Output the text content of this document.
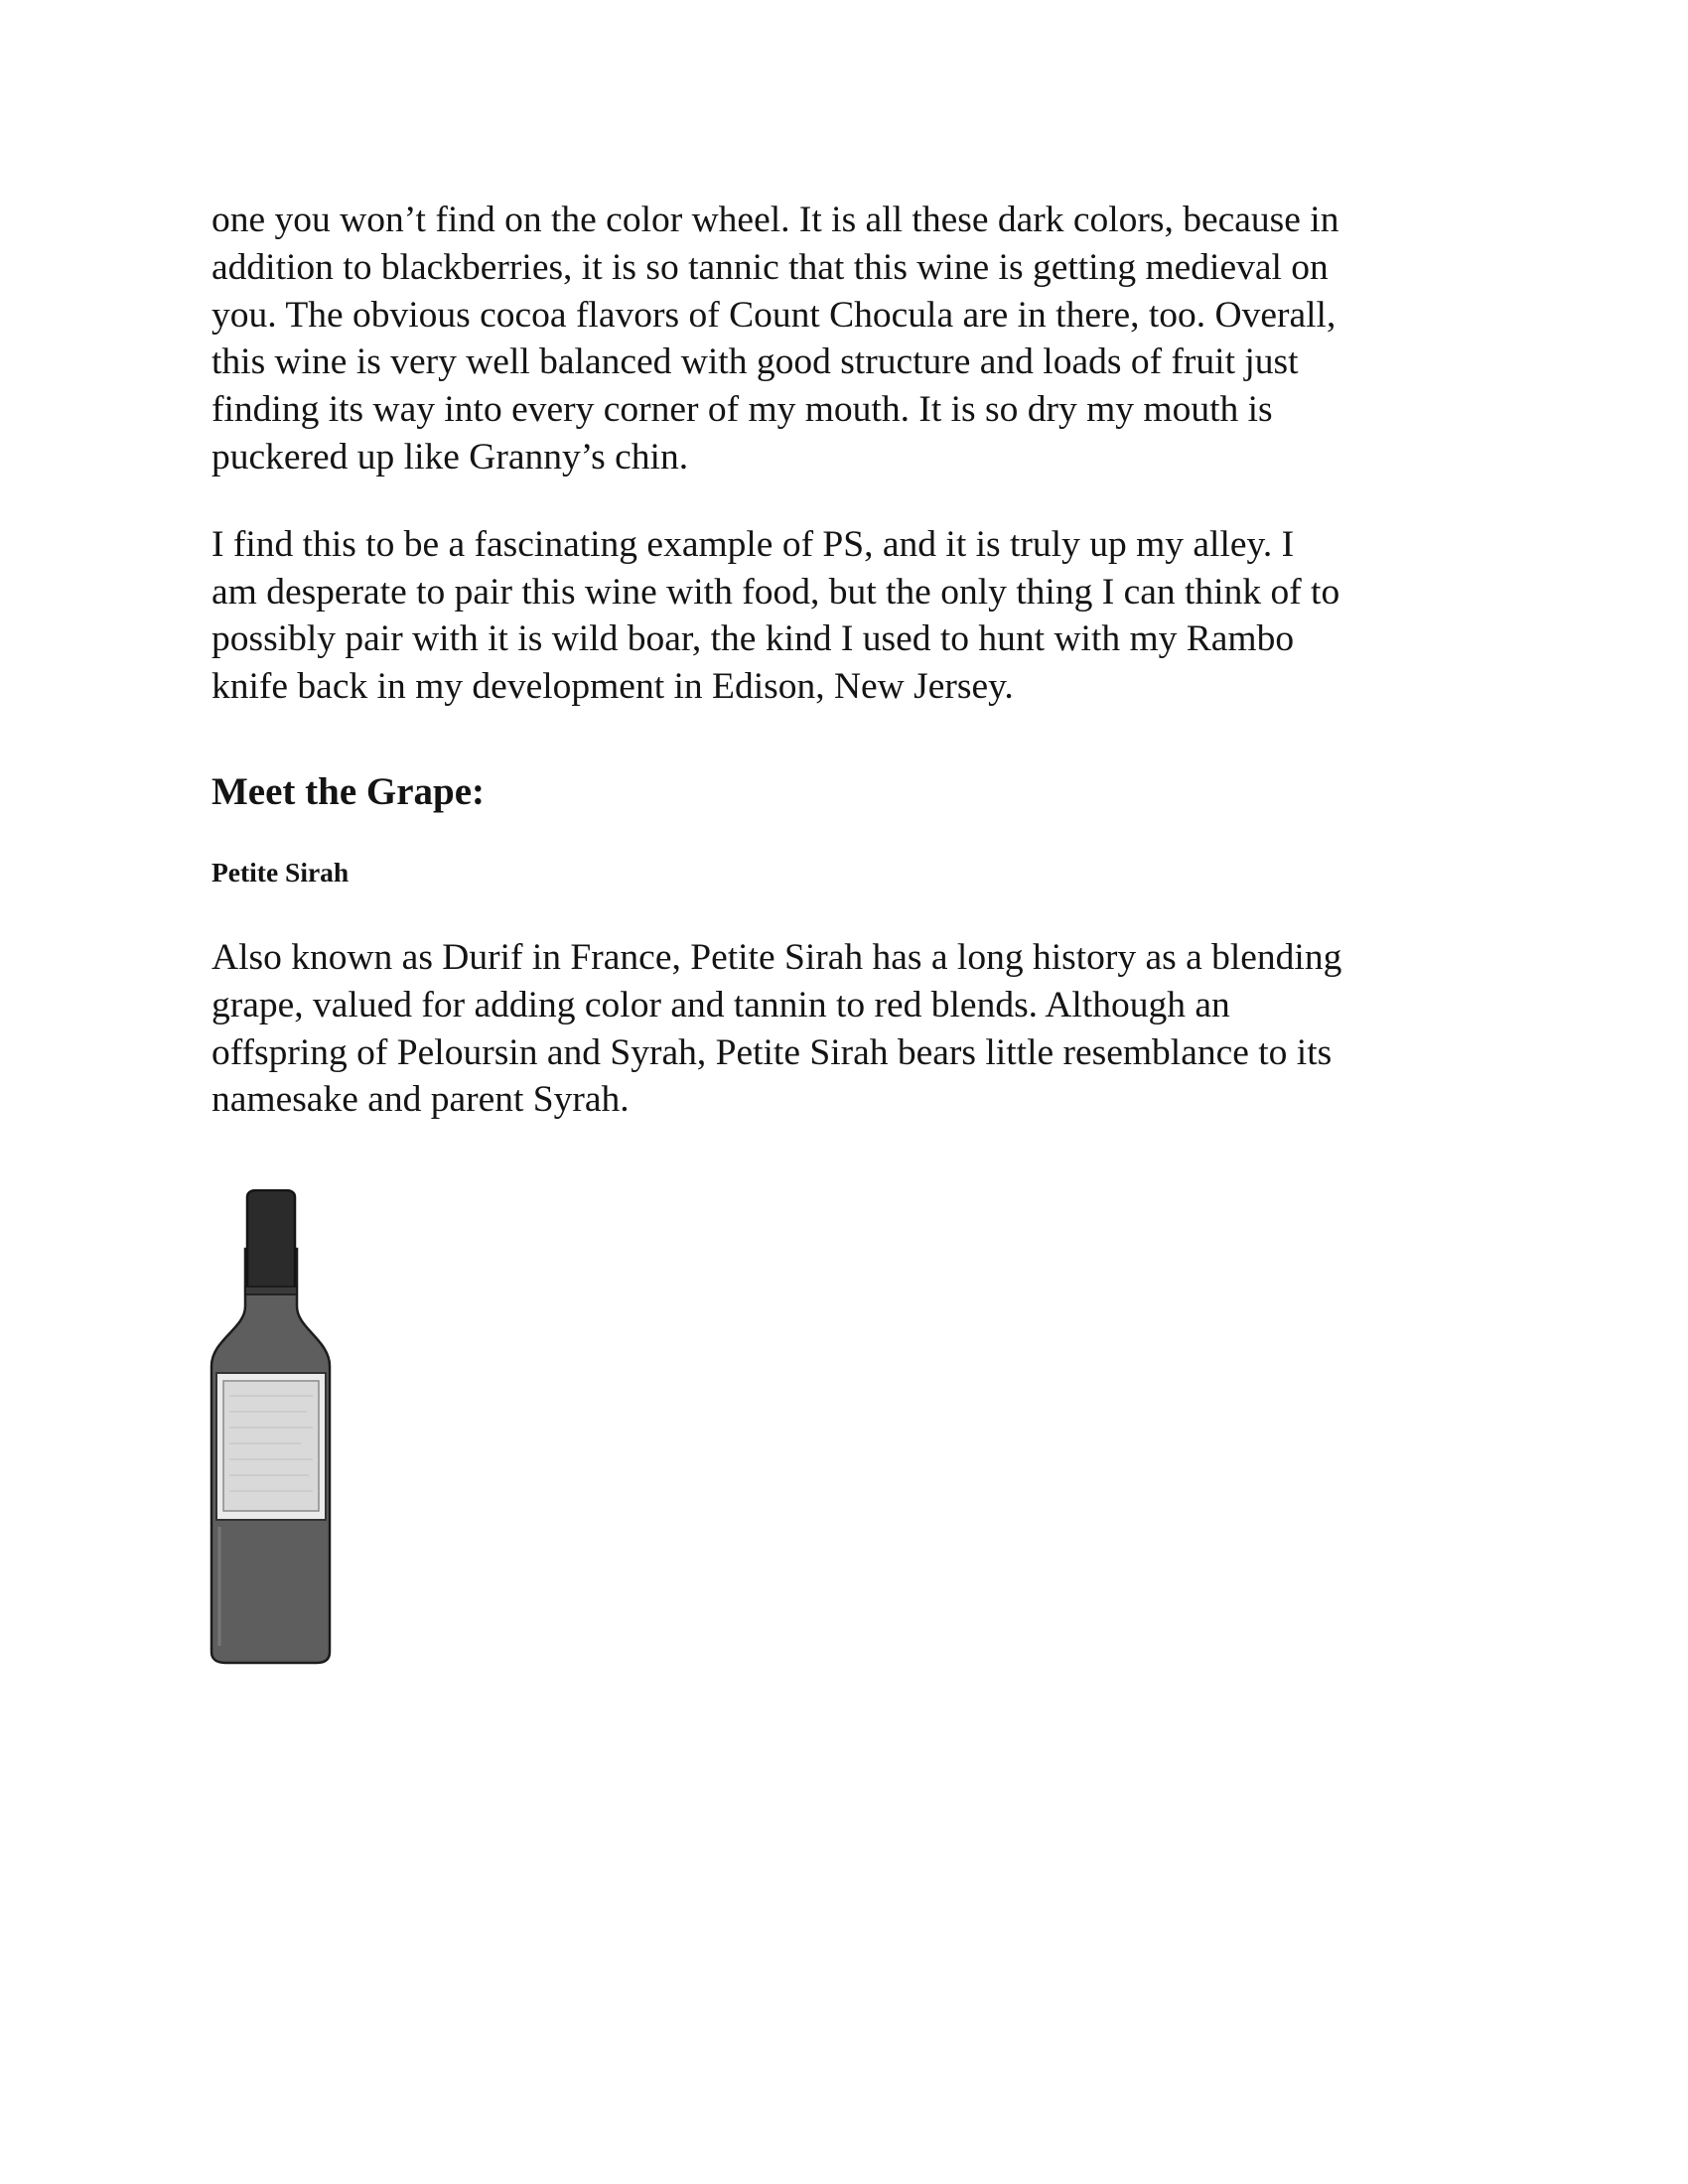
one you won’t find on the color wheel. It is all these dark colors, because in
addition to blackberries, it is so tannic that this wine is getting medieval on
you. The obvious cocoa flavors of Count Chocula are in there, too. Overall,
this wine is very well balanced with good structure and loads of fruit just
finding its way into every corner of my mouth. It is so dry my mouth is
puckered up like Granny’s chin.

I find this to be a fascinating example of PS, and it is truly up my alley. I
am desperate to pair this wine with food, but the only thing I can think of to
possibly pair with it is wild boar, the kind I used to hunt with my Rambo
knife back in my development in Edison, New Jersey.

Meet the Grape:
Petite Sirah

Also known as Durif in France, Petite Sirah has a long history as a blending
grape, valued for adding color and tannin to red blends. Although an
offspring of Peloursin and Syrah, Petite Sirah bears little resemblance to its
namesake and parent Syrah.
